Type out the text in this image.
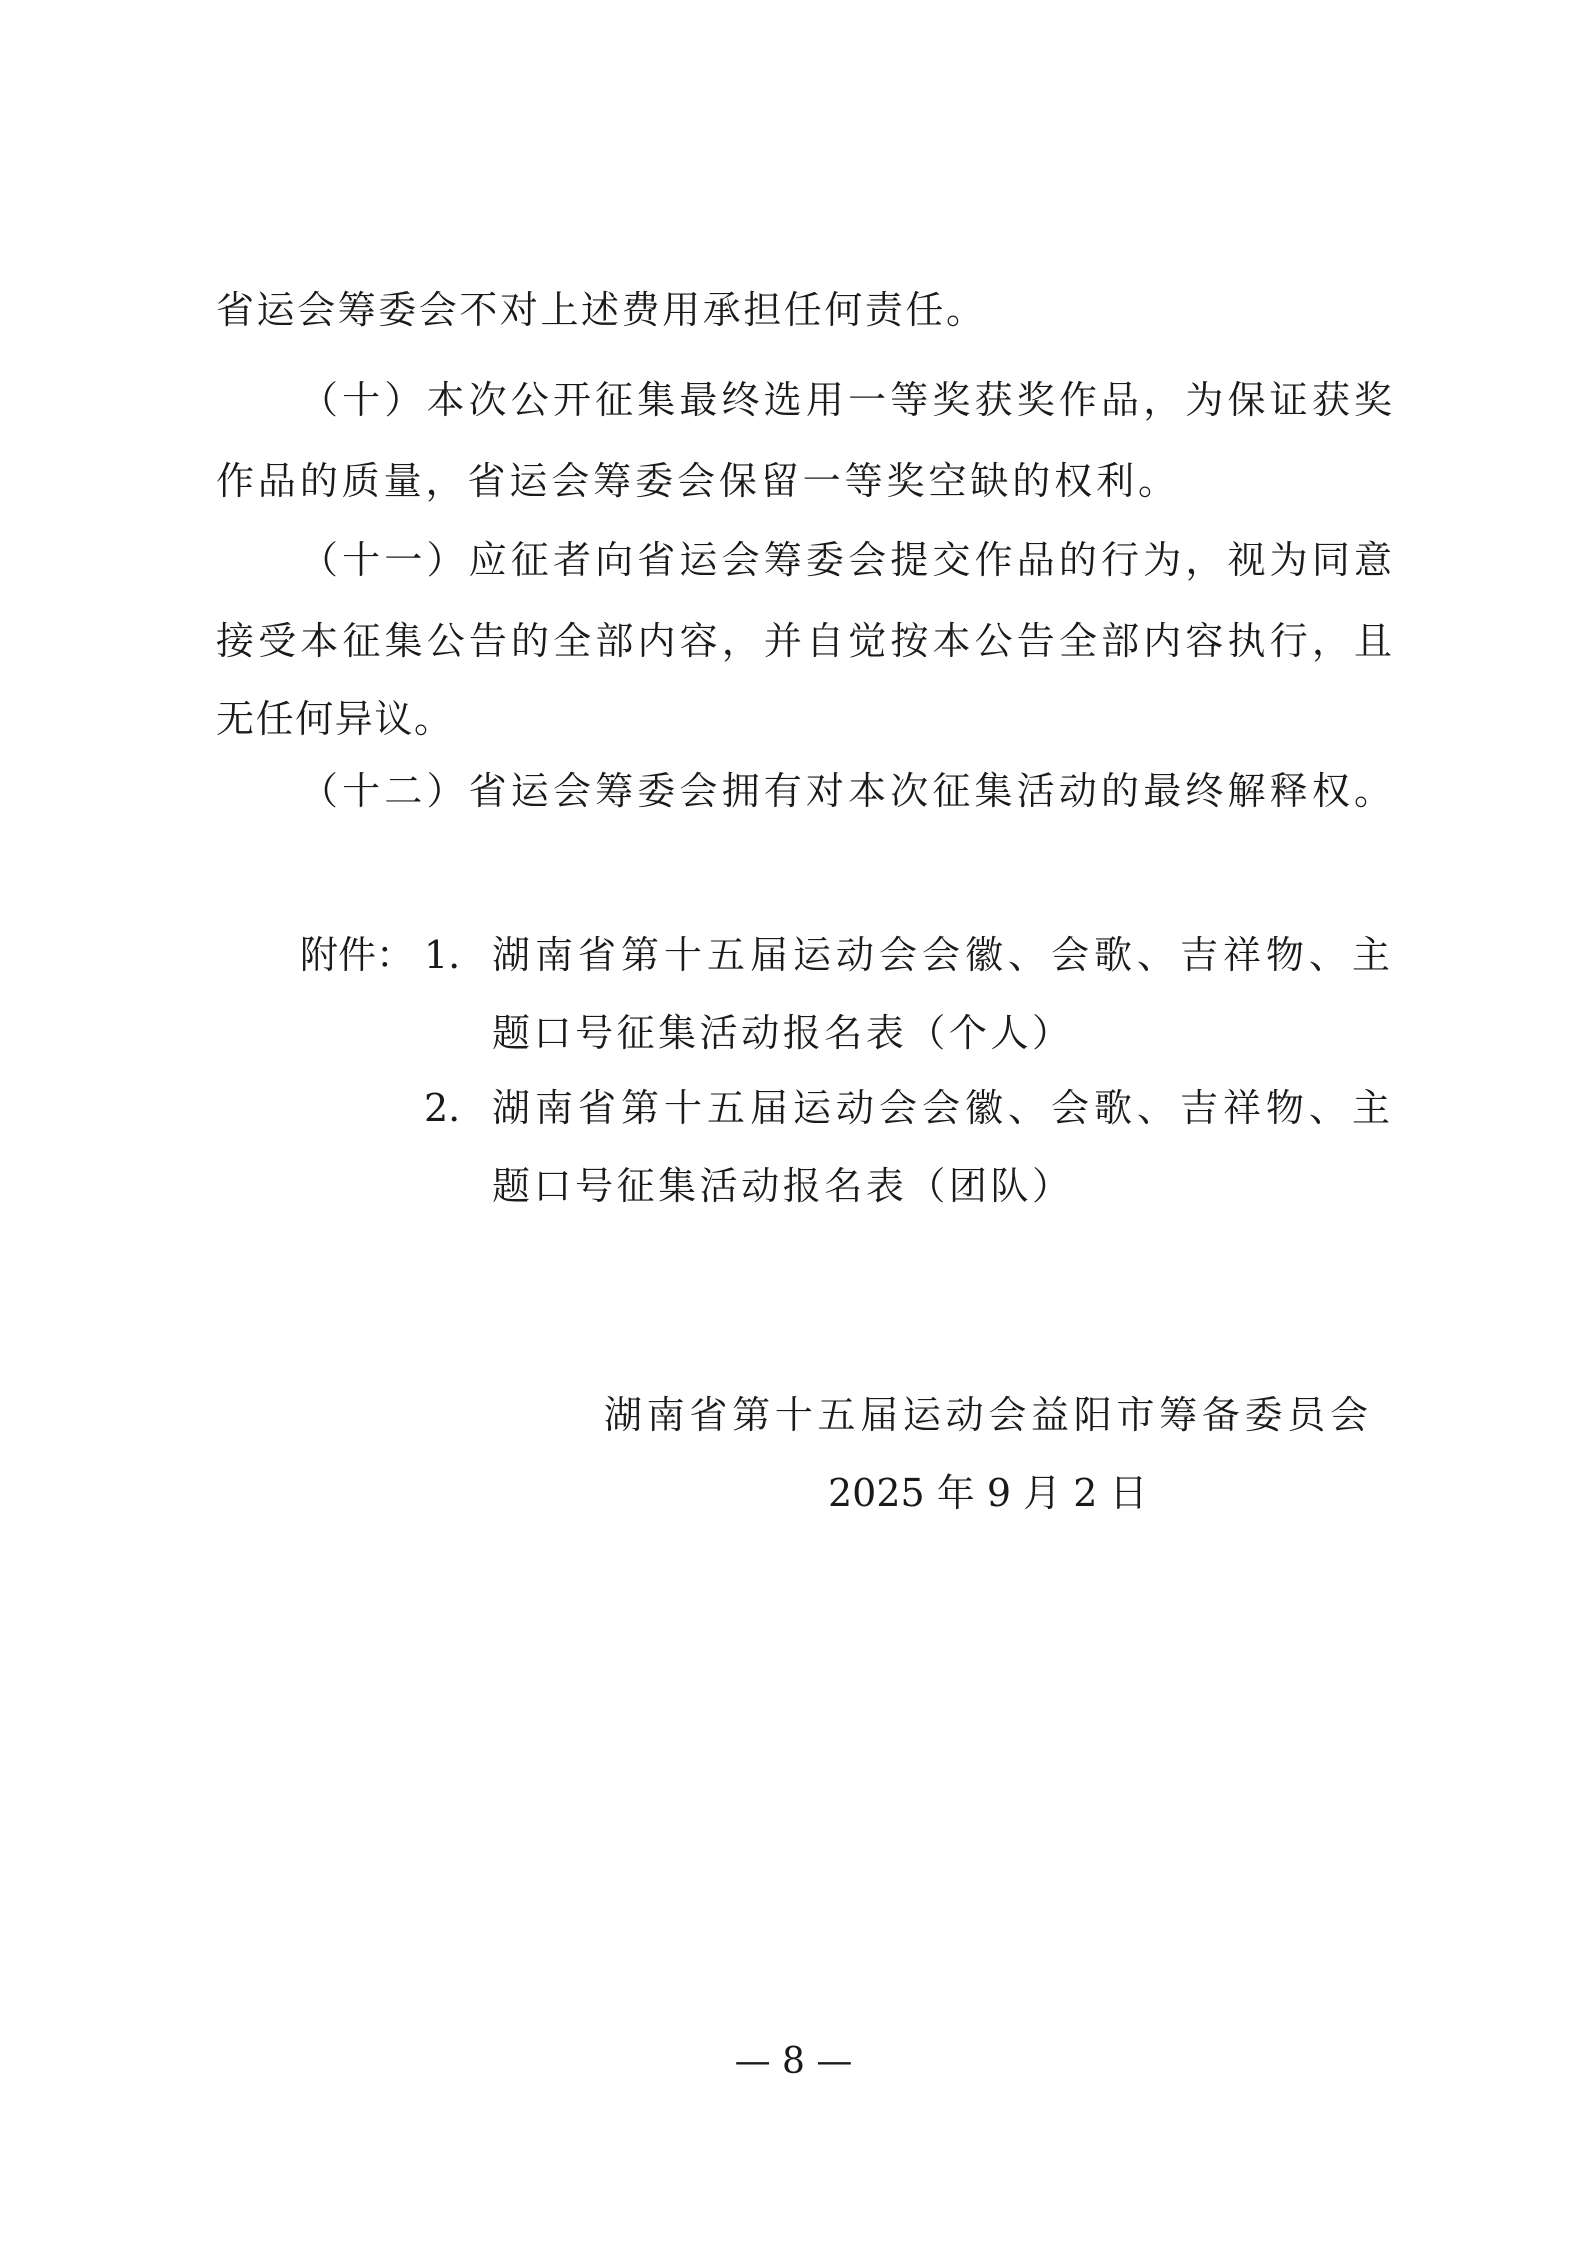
省运会筹委会不对上述费用承担任何责任。
（十）本次公开征集最终选用一等奖获奖作品，为保证获奖
作品的质量，省运会筹委会保留一等奖空缺的权利。
（十一）应征者向省运会筹委会提交作品的行为，视为同意
接受本征集公告的全部内容，并自觉按本公告全部内容执行，且
无任何异议。
（十二）省运会筹委会拥有对本次征集活动的最终解释权。
附件： 1. 湖南省第十五届运动会会徽、会歌、吉祥物、主
题口号征集活动报名表（个人）
2. 湖南省第十五届运动会会徽、会歌、吉祥物、主
题口号征集活动报名表（团队）
湖南省第十五届运动会益阳市筹备委员会
2025 年 9 月 2 日
— 8 —
